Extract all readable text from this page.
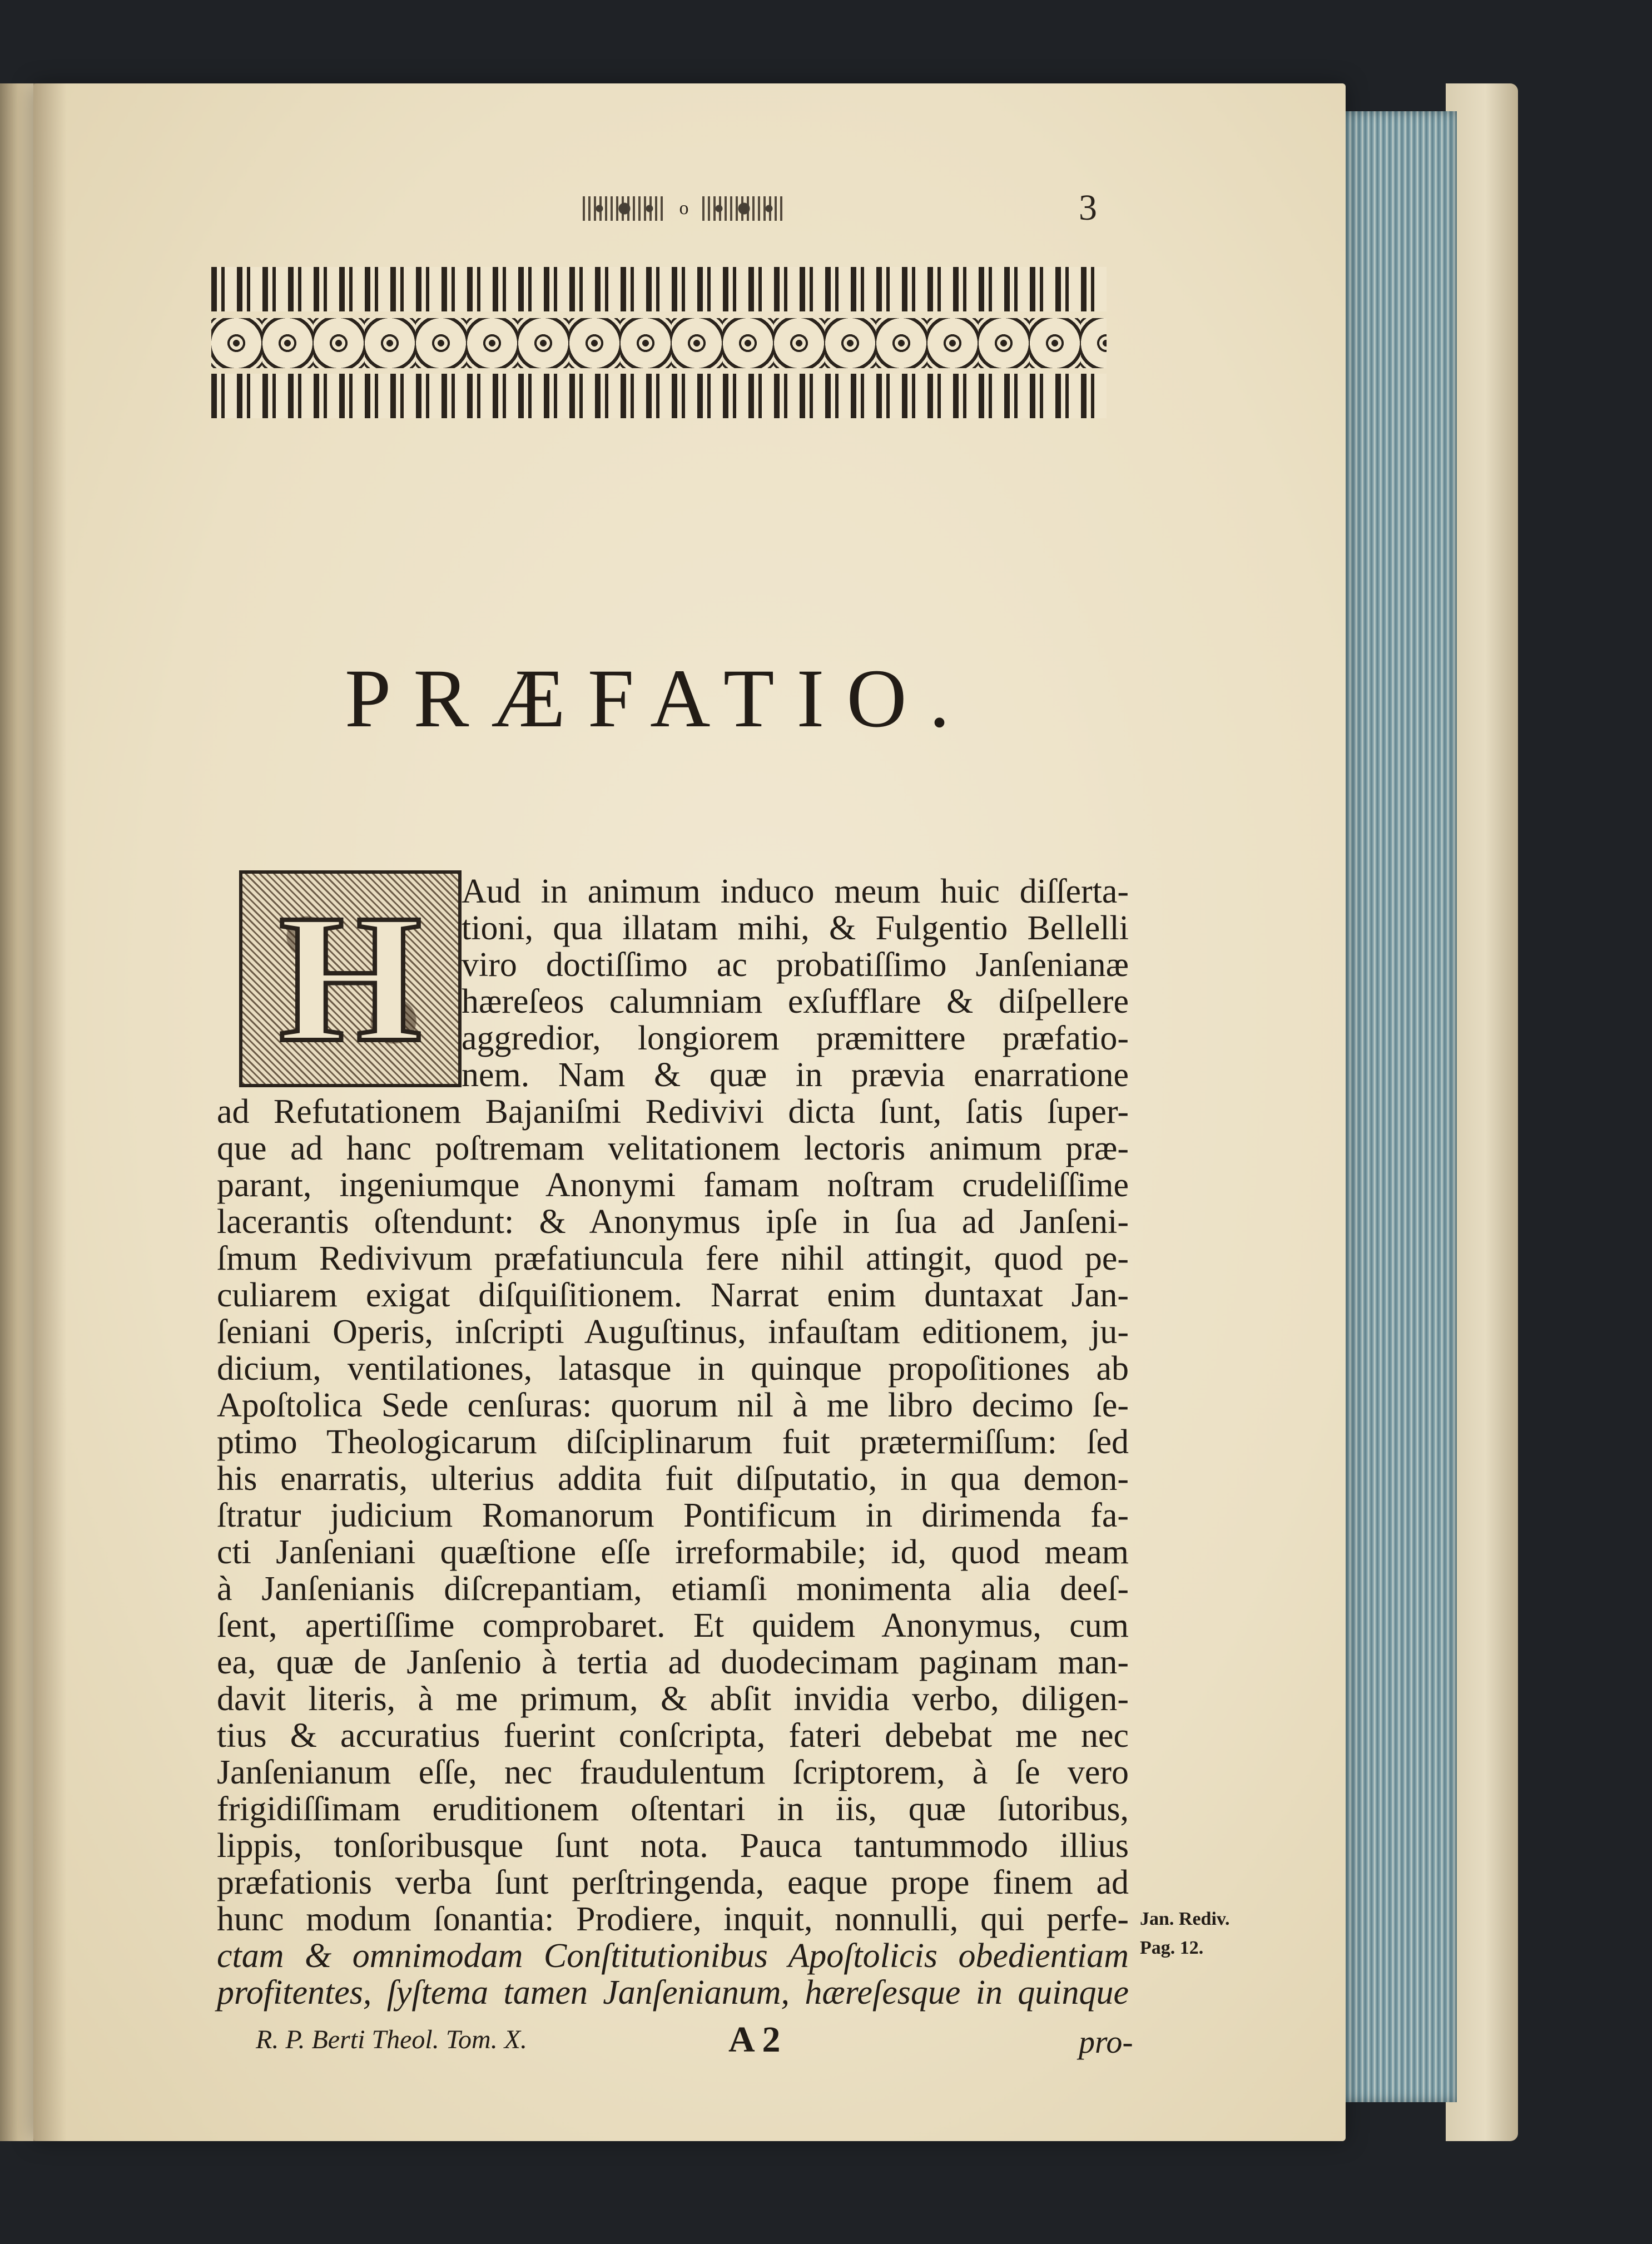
o	3
PRÆFATIO.
H Aud in animum induco meum huic diſſerta-
tioni, qua illatam mihi, & Fulgentio Bellelli
viro doctiſſimo ac probatiſſimo Janſenianæ
hæreſeos calumniam exſufflare & diſpellere
aggredior, longiorem præmittere præfatio-
nem. Nam & quæ in prævia enarratione
ad Refutationem Bajaniſmi Redivivi dicta ſunt, ſatis ſuper-
que ad hanc poſtremam velitationem lectoris animum præ-
parant, ingeniumque Anonymi famam noſtram crudeliſſime
lacerantis oſtendunt: & Anonymus ipſe in ſua ad Janſeni-
ſmum Redivivum præfatiuncula fere nihil attingit, quod pe-
culiarem exigat diſquiſitionem. Narrat enim duntaxat Jan-
ſeniani Operis, inſcripti Auguſtinus, infauſtam editionem, ju-
dicium, ventilationes, latasque in quinque propoſitiones ab
Apoſtolica Sede cenſuras: quorum nil à me libro decimo ſe-
ptimo Theologicarum diſciplinarum fuit prætermiſſum: ſed
his enarratis, ulterius addita fuit diſputatio, in qua demon-
ſtratur judicium Romanorum Pontificum in dirimenda fa-
cti Janſeniani quæſtione eſſe irreformabile; id, quod meam
à Janſenianis diſcrepantiam, etiamſi monimenta alia deeſ-
ſent, apertiſſime comprobaret. Et quidem Anonymus, cum
ea, quæ de Janſenio à tertia ad duodecimam paginam man-
davit literis, à me primum, & abſit invidia verbo, diligen-
tius & accuratius fuerint conſcripta, fateri debebat me nec
Janſenianum eſſe, nec fraudulentum ſcriptorem, à ſe vero
frigidiſſimam eruditionem oſtentari in iis, quæ ſutoribus,
lippis, tonſoribusque ſunt nota. Pauca tantummodo illius
præfationis verba ſunt perſtringenda, eaque prope finem ad
hunc modum ſonantia: Prodiere, inquit, nonnulli, qui perfe-
ctam & omnimodam Conſtitutionibus Apoſtolicis obedientiam
profitentes, ſyſtema tamen Janſenianum, hæreſesque in quinque
Jan. Rediv.
Pag. 12.
R. P. Berti Theol. Tom. X.	A 2	pro-
